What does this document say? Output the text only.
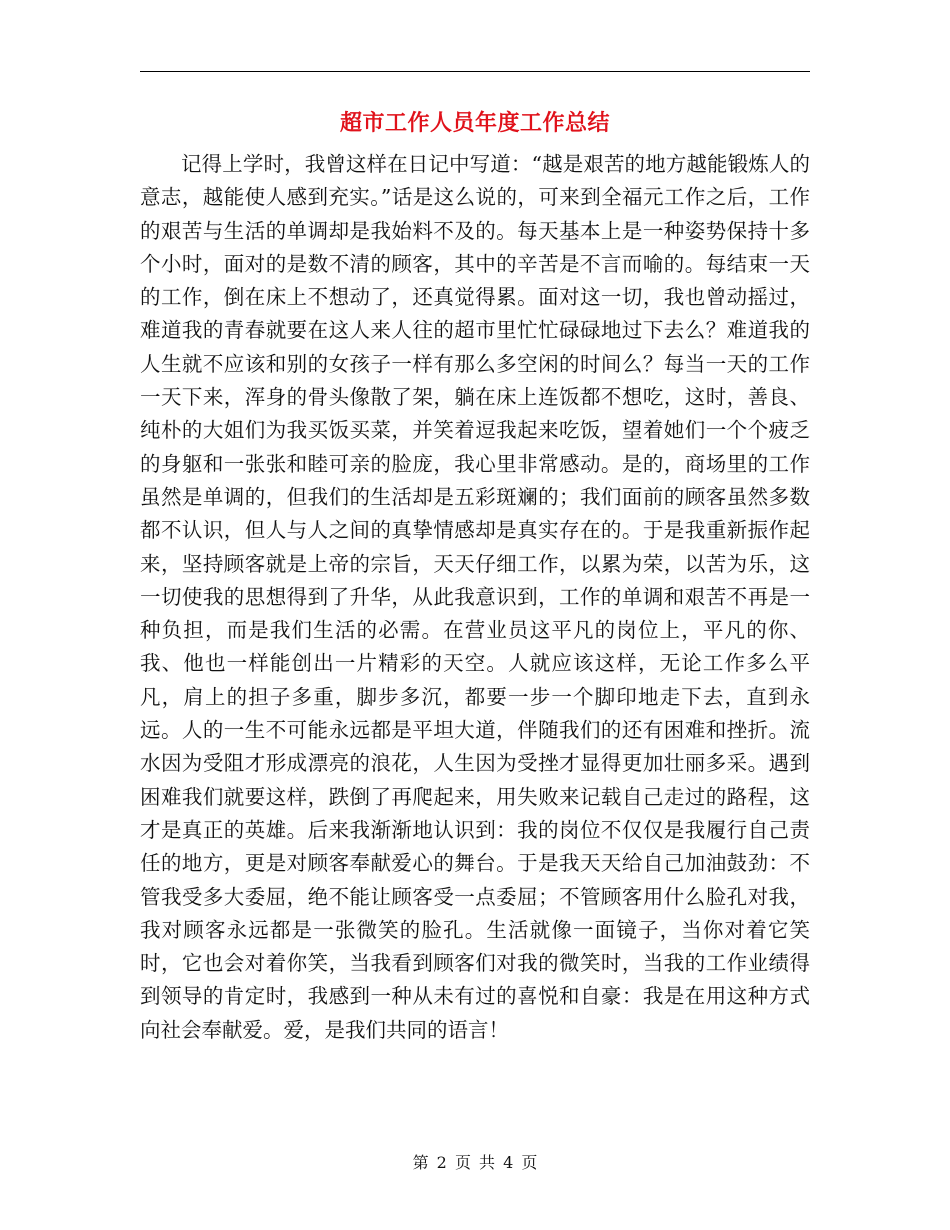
超市工作人员年度工作总结

记得上学时，我曾这样在日记中写道：“越是艰苦的地方越能锻炼人的意志，越能使人感到充实。”话是这么说的，可来到全福元工作之后，工作的艰苦与生活的单调却是我始料不及的。每天基本上是一种姿势保持十多个小时，面对的是数不清的顾客，其中的辛苦是不言而喻的。每结束一天的工作，倒在床上不想动了，还真觉得累。面对这一切，我也曾动摇过，难道我的青春就要在这人来人往的超市里忙忙碌碌地过下去么？难道我的人生就不应该和别的女孩子一样有那么多空闲的时间么？每当一天的工作一天下来，浑身的骨头像散了架，躺在床上连饭都不想吃，这时，善良、纯朴的大姐们为我买饭买菜，并笑着逗我起来吃饭，望着她们一个个疲乏的身躯和一张张和睦可亲的脸庞，我心里非常感动。是的，商场里的工作虽然是单调的，但我们的生活却是五彩斑斓的；我们面前的顾客虽然多数都不认识，但人与人之间的真挚情感却是真实存在的。于是我重新振作起来，坚持顾客就是上帝的宗旨，天天仔细工作，以累为荣，以苦为乐，这一切使我的思想得到了升华，从此我意识到，工作的单调和艰苦不再是一种负担，而是我们生活的必需。在营业员这平凡的岗位上，平凡的你、我、他也一样能创出一片精彩的天空。人就应该这样，无论工作多么平凡，肩上的担子多重，脚步多沉，都要一步一个脚印地走下去，直到永远。人的一生不可能永远都是平坦大道，伴随我们的还有困难和挫折。流水因为受阻才形成漂亮的浪花，人生因为受挫才显得更加壮丽多采。遇到困难我们就要这样，跌倒了再爬起来，用失败来记载自己走过的路程，这才是真正的英雄。后来我渐渐地认识到：我的岗位不仅仅是我履行自己责任的地方，更是对顾客奉献爱心的舞台。于是我天天给自己加油鼓劲：不管我受多大委屈，绝不能让顾客受一点委屈；不管顾客用什么脸孔对我，我对顾客永远都是一张微笑的脸孔。生活就像一面镜子，当你对着它笑时，它也会对着你笑，当我看到顾客们对我的微笑时，当我的工作业绩得到领导的肯定时，我感到一种从未有过的喜悦和自豪：我是在用这种方式向社会奉献爱。爱，是我们共同的语言！

第 2 页 共 4 页
